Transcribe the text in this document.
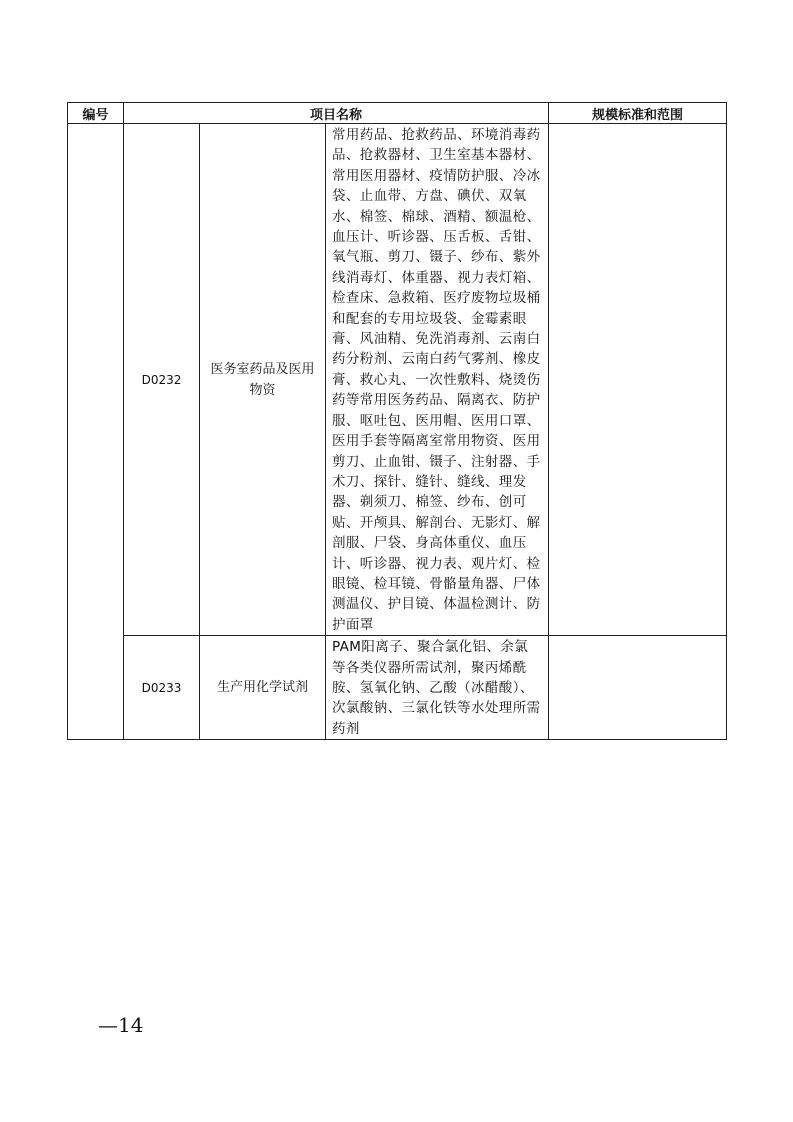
编号	项目名称			规模标准和范围
	D0232	医务室药品及医用物资	常用药品、抢救药品、环境消毒药品、抢救器材、卫生室基本器材、常用医用器材、疫情防护服、冷冰袋、止血带、方盘、碘伏、双氧水、棉签、棉球、酒精、额温枪、血压计、听诊器、压舌板、舌钳、氧气瓶、剪刀、镊子、纱布、紫外线消毒灯、体重器、视力表灯箱、检查床、急救箱、医疗废物垃圾桶和配套的专用垃圾袋、金霉素眼膏、风油精、免洗消毒剂、云南白药分粉剂、云南白药气雾剂、橡皮膏、救心丸、一次性敷料、烧烫伤药等常用医务药品、隔离衣、防护服、呕吐包、医用帽、医用口罩、医用手套等隔离室常用物资、医用剪刀、止血钳、镊子、注射器、手术刀、探针、缝针、缝线、理发器、剃须刀、棉签、纱布、创可贴、开颅具、解剖台、无影灯、解剖服、尸袋、身高体重仪、血压计、听诊器、视力表、观片灯、检眼镜、检耳镜、骨骼量角器、尸体测温仪、护目镜、体温检测计、防护面罩	
	D0233	生产用化学试剂	PAM阳离子、聚合氯化铝、余氯等各类仪器所需试剂，聚丙烯酰胺、氢氧化钠、乙酸（冰醋酸）、次氯酸钠、三氯化铁等水处理所需药剂	
—14
